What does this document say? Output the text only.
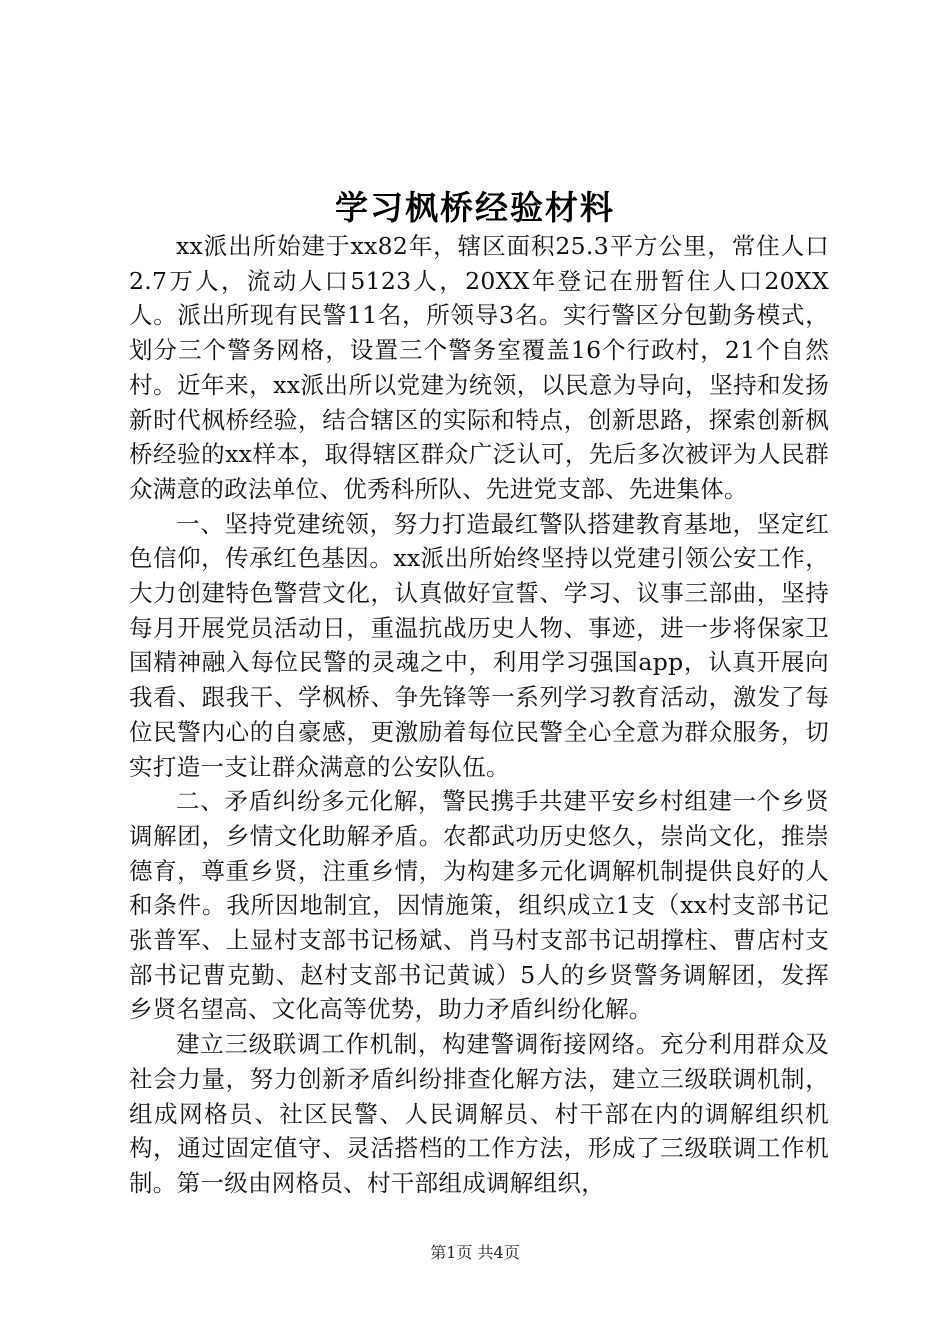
学习枫桥经验材料

xx派出所始建于xx82年，辖区面积25.3平方公里，常住人口2.7万人，流动人口5123人，20XX年登记在册暂住人口20XX人。派出所现有民警11名，所领导3名。实行警区分包勤务模式，划分三个警务网格，设置三个警务室覆盖16个行政村，21个自然村。近年来，xx派出所以党建为统领，以民意为导向，坚持和发扬新时代枫桥经验，结合辖区的实际和特点，创新思路，探索创新枫桥经验的xx样本，取得辖区群众广泛认可，先后多次被评为人民群众满意的政法单位、优秀科所队、先进党支部、先进集体。

一、坚持党建统领，努力打造最红警队搭建教育基地，坚定红色信仰，传承红色基因。xx派出所始终坚持以党建引领公安工作，大力创建特色警营文化，认真做好宣誓、学习、议事三部曲，坚持每月开展党员活动日，重温抗战历史人物、事迹，进一步将保家卫国精神融入每位民警的灵魂之中，利用学习强国app，认真开展向我看、跟我干、学枫桥、争先锋等一系列学习教育活动，激发了每位民警内心的自豪感，更激励着每位民警全心全意为群众服务，切实打造一支让群众满意的公安队伍。

二、矛盾纠纷多元化解，警民携手共建平安乡村组建一个乡贤调解团，乡情文化助解矛盾。农都武功历史悠久，崇尚文化，推崇德育，尊重乡贤，注重乡情，为构建多元化调解机制提供良好的人和条件。我所因地制宜，因情施策，组织成立1支（xx村支部书记张普军、上显村支部书记杨斌、肖马村支部书记胡撑柱、曹店村支部书记曹克勤、赵村支部书记黄诚）5人的乡贤警务调解团，发挥乡贤名望高、文化高等优势，助力矛盾纠纷化解。

建立三级联调工作机制，构建警调衔接网络。充分利用群众及社会力量，努力创新矛盾纠纷排查化解方法，建立三级联调机制，组成网格员、社区民警、人民调解员、村干部在内的调解组织机构，通过固定值守、灵活搭档的工作方法，形成了三级联调工作机制。第一级由网格员、村干部组成调解组织，

第1页 共4页
